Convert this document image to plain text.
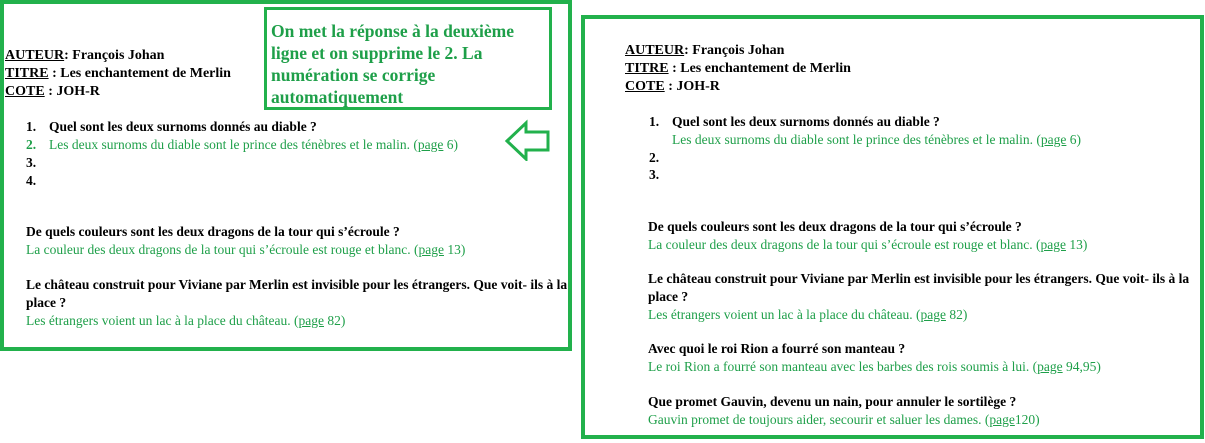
AUTEUR: François Johan
TITRE : Les enchantement de Merlin
COTE : JOH-R
1. Quel sont les deux surnoms donnés au diable ?
2. Les deux surnoms du diable sont le prince des ténèbres et le malin. (page 6)
3.
4.
De quels couleurs sont les deux dragons de la tour qui s’écroule ?
La couleur des deux dragons de la tour qui s’écroule est rouge et blanc. (page 13)
Le château construit pour Viviane par Merlin est invisible pour les étrangers. Que voit- ils à la place ?
Les étrangers voient un lac à la place du château. (page 82)
On met la réponse à la deuxième ligne et on supprime le 2. La numération se corrige automatiquement
AUTEUR: François Johan
TITRE : Les enchantement de Merlin
COTE : JOH-R
1. Quel sont les deux surnoms donnés au diable ?
Les deux surnoms du diable sont le prince des ténèbres et le malin. (page 6)
2.
3.
De quels couleurs sont les deux dragons de la tour qui s’écroule ?
La couleur des deux dragons de la tour qui s’écroule est rouge et blanc. (page 13)
Le château construit pour Viviane par Merlin est invisible pour les étrangers. Que voit- ils à la place ?
Les étrangers voient un lac à la place du château. (page 82)
Avec quoi le roi Rion a fourré son manteau ?
Le roi Rion a fourré son manteau avec les barbes des rois soumis à lui. (page 94,95)
Que promet Gauvin, devenu un nain, pour annuler le sortilège ?
Gauvin promet de toujours aider, secourir et saluer les dames. (page120)
